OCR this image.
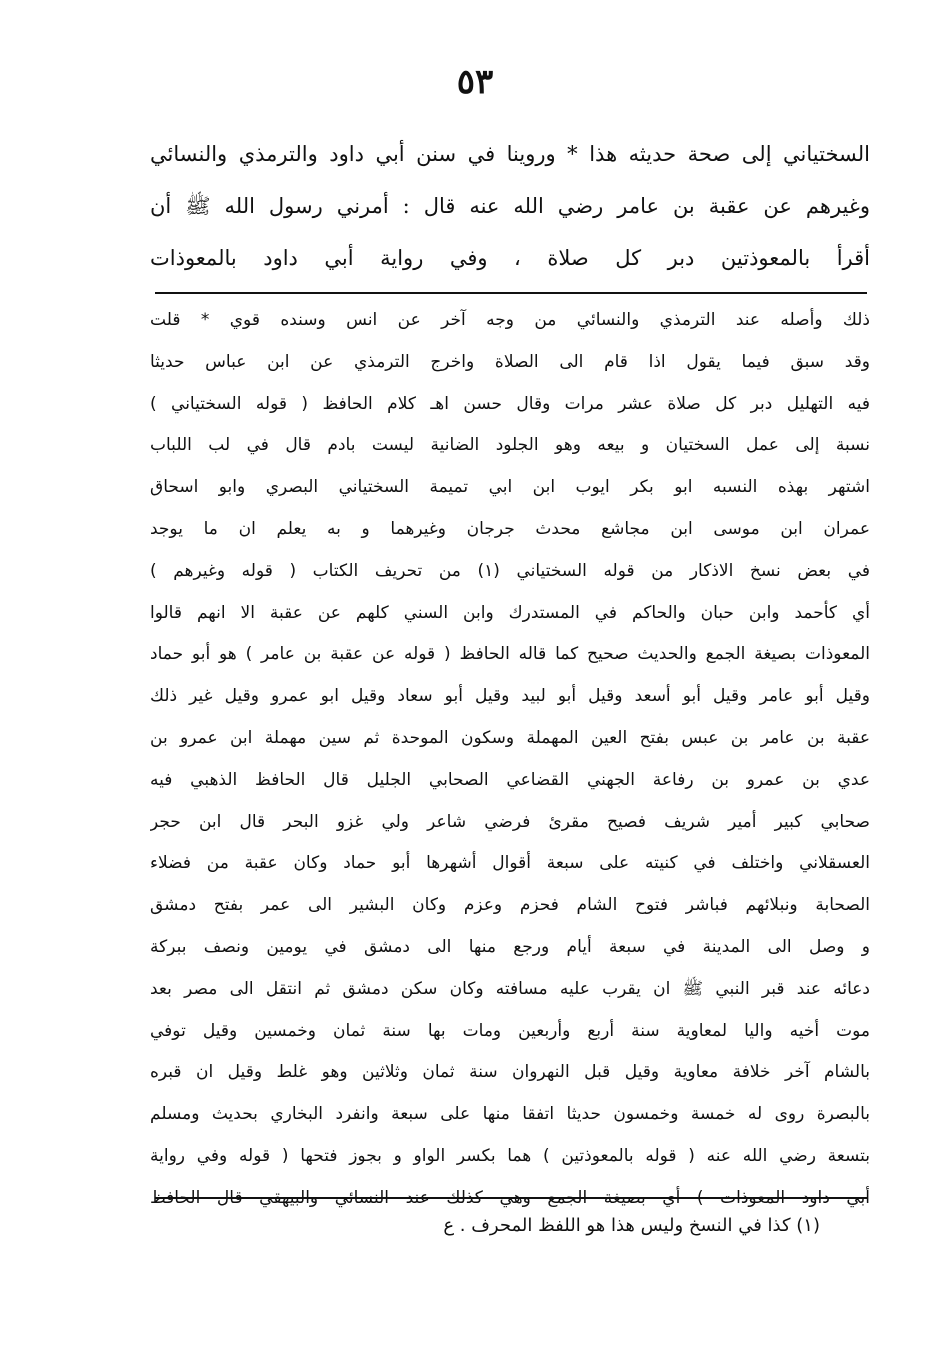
٥٣
السختياني إلى صحة حديثه هذا * وروينا في سنن أبي داود والترمذي والنسائي
وغيرهم عن عقبة بن عامر رضي الله عنه قال : أمرني رسول الله ﷺ أن
أقرأ بالمعوذتين دبر كل صلاة ، وفي رواية أبي داود بالمعوذات
ذلك وأصله عند الترمذي والنسائي من وجه آخر عن انس وسنده قوي * قلت
وقد سبق فيما يقول اذا قام الى الصلاة واخرج الترمذي عن ابن عباس حديثا
فيه التهليل دبر كل صلاة عشر مرات وقال حسن اهـ كلام الحافظ ( قوله السختياني )
نسبة إلى عمل السختيان و بيعه وهو الجلود الضانية ليست بادم قال في لب اللباب
اشتهر بهذه النسبه ابو بكر ايوب ابن ابي تميمة السختياني البصري وابو اسحاق
عمران ابن موسى ابن مجاشع محدث جرجان وغيرهما و به يعلم ان ما يوجد
في بعض نسخ الاذكار من قوله السختياني (١) من تحريف الكتاب ( قوله وغيرهم )
أي كأحمد وابن حبان والحاكم في المستدرك وابن السني كلهم عن عقبة الا انهم قالوا
المعوذات بصيغة الجمع والحديث صحيح كما قاله الحافظ ( قوله عن عقبة بن عامر ) هو أبو حماد
وقيل أبو عامر وقيل أبو أسعد وقيل أبو لبيد وقيل أبو سعاد وقيل ابو عمرو وقيل غير ذلك
عقبة بن عامر بن عبس بفتح العين المهملة وسكون الموحدة ثم سين مهملة ابن عمرو بن
عدي بن عمرو بن رفاعة الجهني القضاعي الصحابي الجليل قال الحافظ الذهبي فيه
صحابي كبير أمير شريف فصيح مقرئ فرضي شاعر ولي غزو البحر قال ابن حجر
العسقلاني واختلف في كنيته على سبعة أقوال أشهرها أبو حماد وكان عقبة من فضلاء
الصحابة ونبلائهم فباشر فتوح الشام فحزم وعزم وكان البشير الى عمر بفتح دمشق
و وصل الى المدينة في سبعة أيام ورجع منها الى دمشق في يومين ونصف ببركة
دعائه عند قبر النبي ﷺ ان يقرب عليه مسافته وكان سكن دمشق ثم انتقل الى مصر بعد
موت أخيه واليا لمعاوية سنة أربع وأربعين ومات بها سنة ثمان وخمسين وقيل توفي
بالشام آخر خلافة معاوية وقيل قبل النهروان سنة ثمان وثلاثين وهو غلط وقيل ان قبره
بالبصرة روى له خمسة وخمسون حديثا اتفقا منها على سبعة وانفرد البخاري بحديث ومسلم
بتسعة رضي الله عنه ( قوله بالمعوذتين ) هما بكسر الواو و بجوز فتحها ( قوله وفي رواية
أبي داود المعوذات ) أي بصيغة الجمع وهي كذلك عند النسائي والبيهقي قال الحافظ
(١) كذا في النسخ وليس هذا هو اللفظ المحرف . ع
